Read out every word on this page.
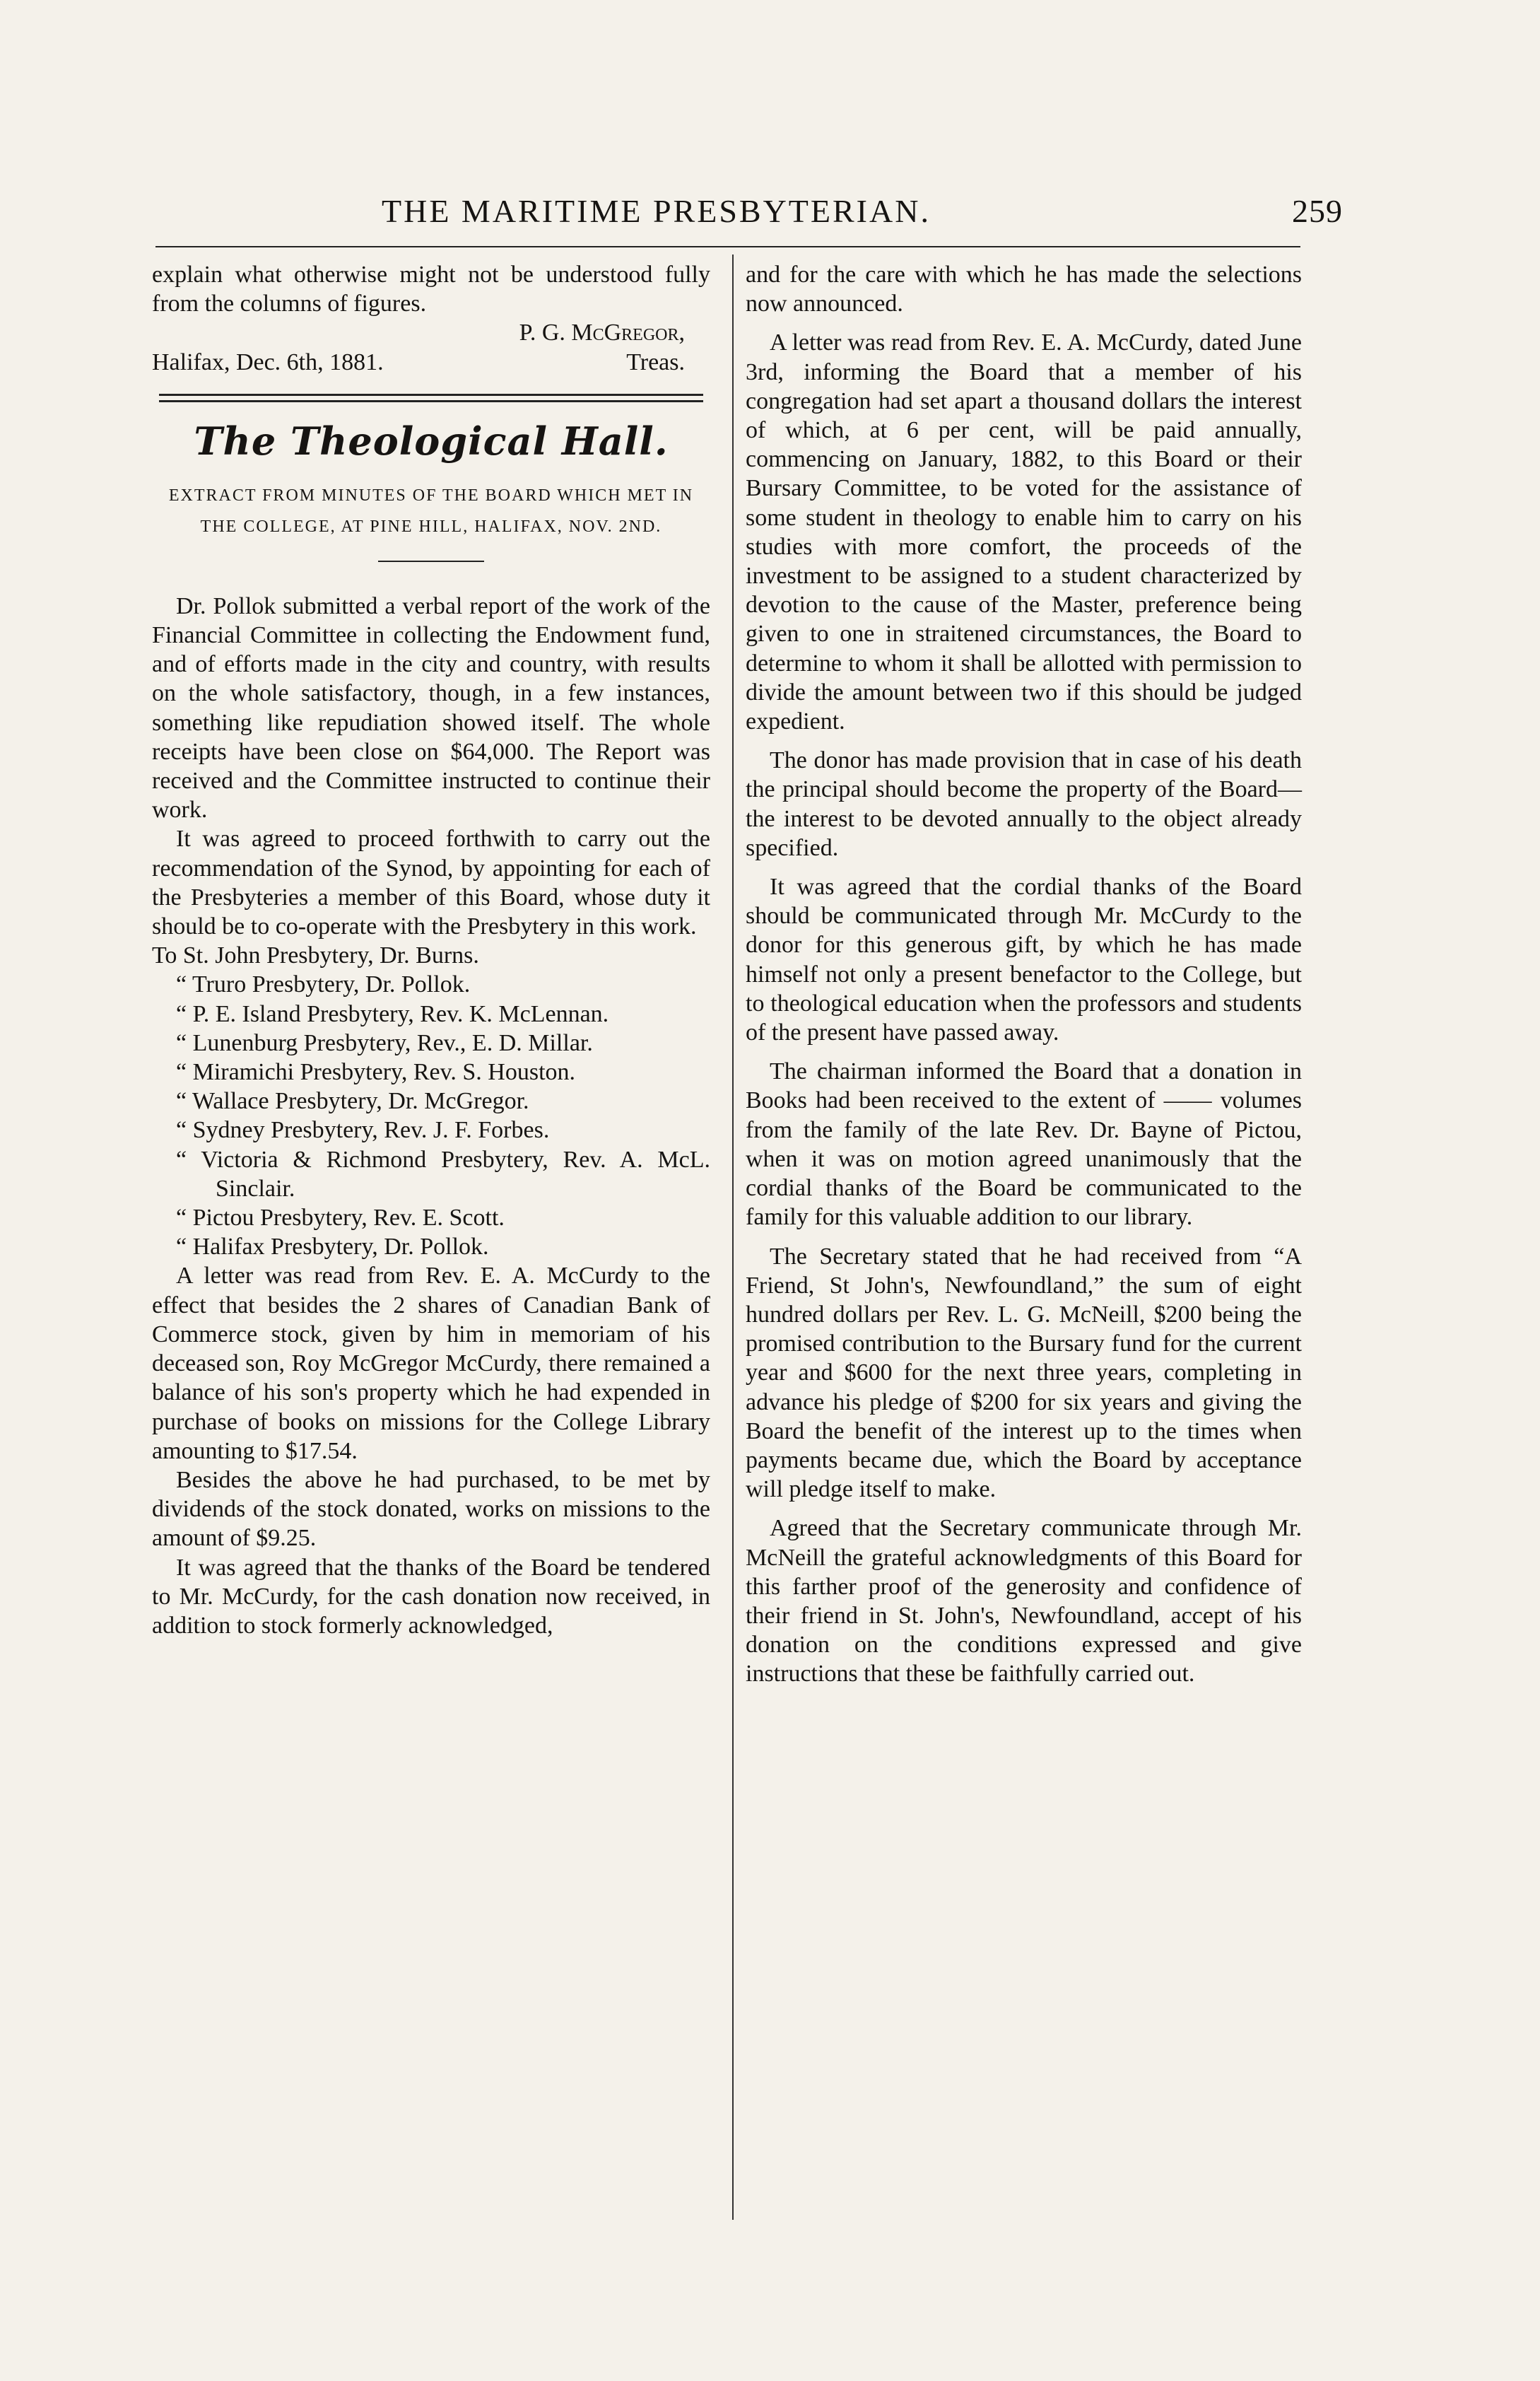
THE MARITIME PRESBYTERIAN.	259

explain what otherwise might not be understood fully from the columns of figures.

P. G. McGregor,

Halifax, Dec. 6th, 1881.	Treas.
The Theological Hall.
EXTRACT FROM MINUTES OF THE BOARD WHICH MET IN THE COLLEGE, AT PINE HILL, HALIFAX, NOV. 2ND.

Dr. Pollok submitted a verbal report of the work of the Financial Committee in collecting the Endowment fund, and of efforts made in the city and country, with results on the whole satisfactory, though, in a few instances, something like repudiation showed itself. The whole receipts have been close on $64,000. The Report was received and the Committee instructed to continue their work.

It was agreed to proceed forthwith to carry out the recommendation of the Synod, by appointing for each of the Presbyteries a member of this Board, whose duty it should be to co-operate with the Presbytery in this work.

To St. John Presbytery, Dr. Burns.

“ Truro Presbytery, Dr. Pollok.

“ P. E. Island Presbytery, Rev. K. McLennan.

“ Lunenburg Presbytery, Rev., E. D. Millar.

“ Miramichi Presbytery, Rev. S. Houston.

“ Wallace Presbytery, Dr. McGregor.

“ Sydney Presbytery, Rev. J. F. Forbes.

“ Victoria & Richmond Presbytery, Rev. A. McL. Sinclair.

“ Pictou Presbytery, Rev. E. Scott.

“ Halifax Presbytery, Dr. Pollok.

A letter was read from Rev. E. A. McCurdy to the effect that besides the 2 shares of Canadian Bank of Commerce stock, given by him in memoriam of his deceased son, Roy McGregor McCurdy, there remained a balance of his son's property which he had expended in purchase of books on missions for the College Library amounting to $17.54.

Besides the above he had purchased, to be met by dividends of the stock donated, works on missions to the amount of $9.25.

It was agreed that the thanks of the Board be tendered to Mr. McCurdy, for the cash donation now received, in addition to stock formerly acknowledged,

and for the care with which he has made the selections now announced.

A letter was read from Rev. E. A. McCurdy, dated June 3rd, informing the Board that a member of his congregation had set apart a thousand dollars the interest of which, at 6 per cent, will be paid annually, commencing on January, 1882, to this Board or their Bursary Committee, to be voted for the assistance of some student in theology to enable him to carry on his studies with more comfort, the proceeds of the investment to be assigned to a student characterized by devotion to the cause of the Master, preference being given to one in straitened circumstances, the Board to determine to whom it shall be allotted with permission to divide the amount between two if this should be judged expedient.

The donor has made provision that in case of his death the principal should become the property of the Board—the interest to be devoted annually to the object already specified.

It was agreed that the cordial thanks of the Board should be communicated through Mr. McCurdy to the donor for this generous gift, by which he has made himself not only a present benefactor to the College, but to theological education when the professors and students of the present have passed away.

The chairman informed the Board that a donation in Books had been received to the extent of —— volumes from the family of the late Rev. Dr. Bayne of Pictou, when it was on motion agreed unanimously that the cordial thanks of the Board be communicated to the family for this valuable addition to our library.

The Secretary stated that he had received from “A Friend, St John's, Newfoundland,” the sum of eight hundred dollars per Rev. L. G. McNeill, $200 being the promised contribution to the Bursary fund for the current year and $600 for the next three years, completing in advance his pledge of $200 for six years and giving the Board the benefit of the interest up to the times when payments became due, which the Board by acceptance will pledge itself to make.

Agreed that the Secretary communicate through Mr. McNeill the grateful acknowledgments of this Board for this farther proof of the generosity and confidence of their friend in St. John's, Newfoundland, accept of his donation on the conditions expressed and give instructions that these be faithfully carried out.
